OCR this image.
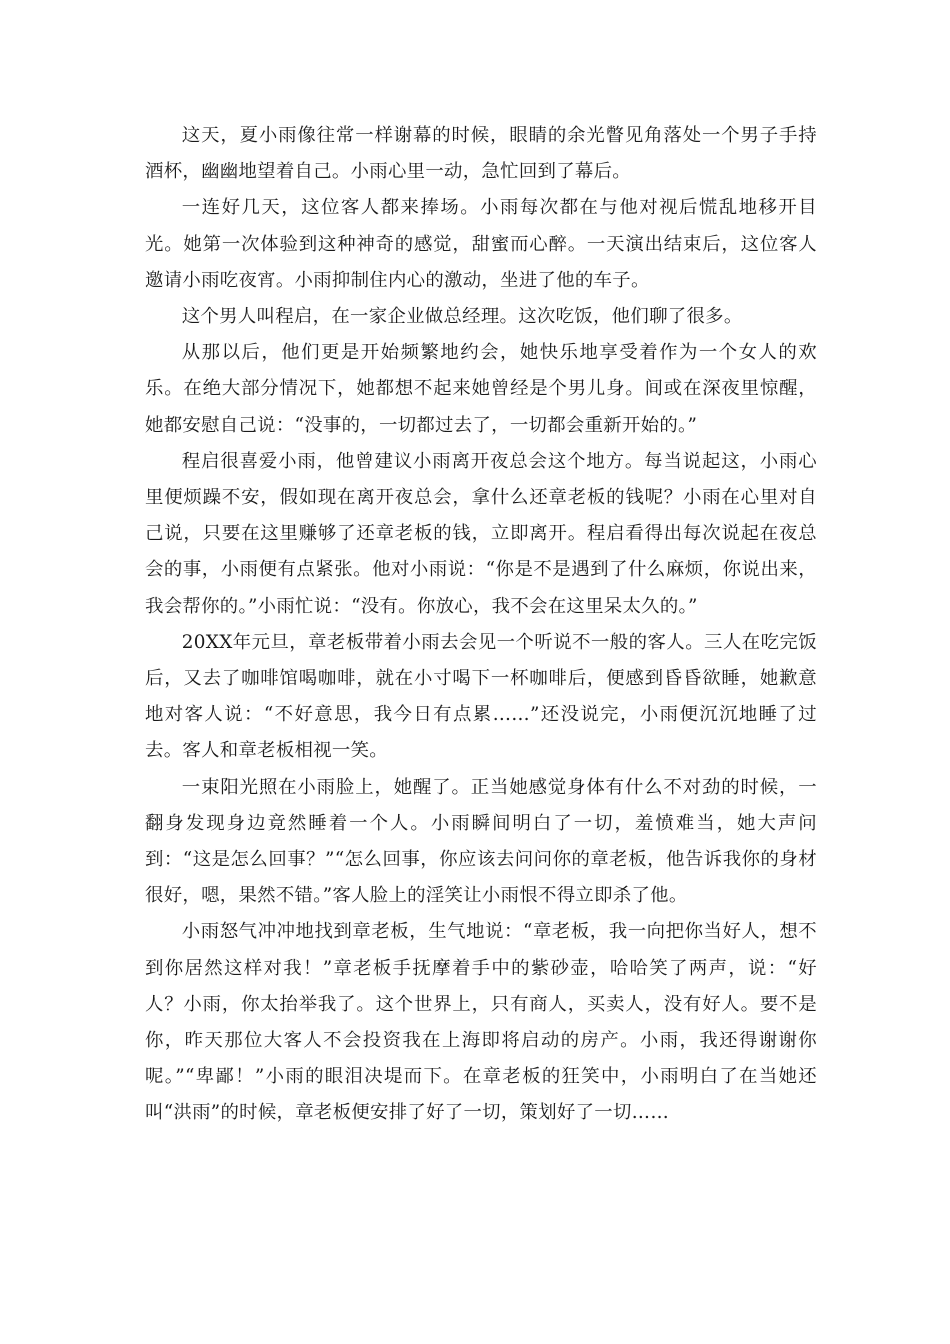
这天，夏小雨像往常一样谢幕的时候，眼睛的余光瞥见角落处一个男子手持酒杯，幽幽地望着自己。小雨心里一动，急忙回到了幕后。

一连好几天，这位客人都来捧场。小雨每次都在与他对视后慌乱地移开目光。她第一次体验到这种神奇的感觉，甜蜜而心醉。一天演出结束后，这位客人邀请小雨吃夜宵。小雨抑制住内心的激动，坐进了他的车子。

这个男人叫程启，在一家企业做总经理。这次吃饭，他们聊了很多。

从那以后，他们更是开始频繁地约会，她快乐地享受着作为一个女人的欢乐。在绝大部分情况下，她都想不起来她曾经是个男儿身。间或在深夜里惊醒，她都安慰自己说：“没事的，一切都过去了，一切都会重新开始的。”

程启很喜爱小雨，他曾建议小雨离开夜总会这个地方。每当说起这，小雨心里便烦躁不安，假如现在离开夜总会，拿什么还章老板的钱呢？小雨在心里对自己说，只要在这里赚够了还章老板的钱，立即离开。程启看得出每次说起在夜总会的事，小雨便有点紧张。他对小雨说：“你是不是遇到了什么麻烦，你说出来，我会帮你的。”小雨忙说：“没有。你放心，我不会在这里呆太久的。”

20XX年元旦，章老板带着小雨去会见一个听说不一般的客人。三人在吃完饭后，又去了咖啡馆喝咖啡，就在小寸喝下一杯咖啡后，便感到昏昏欲睡，她歉意地对客人说：“不好意思，我今日有点累……”还没说完，小雨便沉沉地睡了过去。客人和章老板相视一笑。

一束阳光照在小雨脸上，她醒了。正当她感觉身体有什么不对劲的时候，一翻身发现身边竟然睡着一个人。小雨瞬间明白了一切，羞愤难当，她大声问到：“这是怎么回事？”“怎么回事，你应该去问问你的章老板，他告诉我你的身材很好，嗯，果然不错。”客人脸上的淫笑让小雨恨不得立即杀了他。

小雨怒气冲冲地找到章老板，生气地说：“章老板，我一向把你当好人，想不到你居然这样对我！”章老板手抚摩着手中的紫砂壶，哈哈笑了两声，说：“好人？小雨，你太抬举我了。这个世界上，只有商人，买卖人，没有好人。要不是你，昨天那位大客人不会投资我在上海即将启动的房产。小雨，我还得谢谢你呢。”“卑鄙！”小雨的眼泪决堤而下。在章老板的狂笑中，小雨明白了在当她还叫“洪雨”的时候，章老板便安排了好了一切，策划好了一切……
